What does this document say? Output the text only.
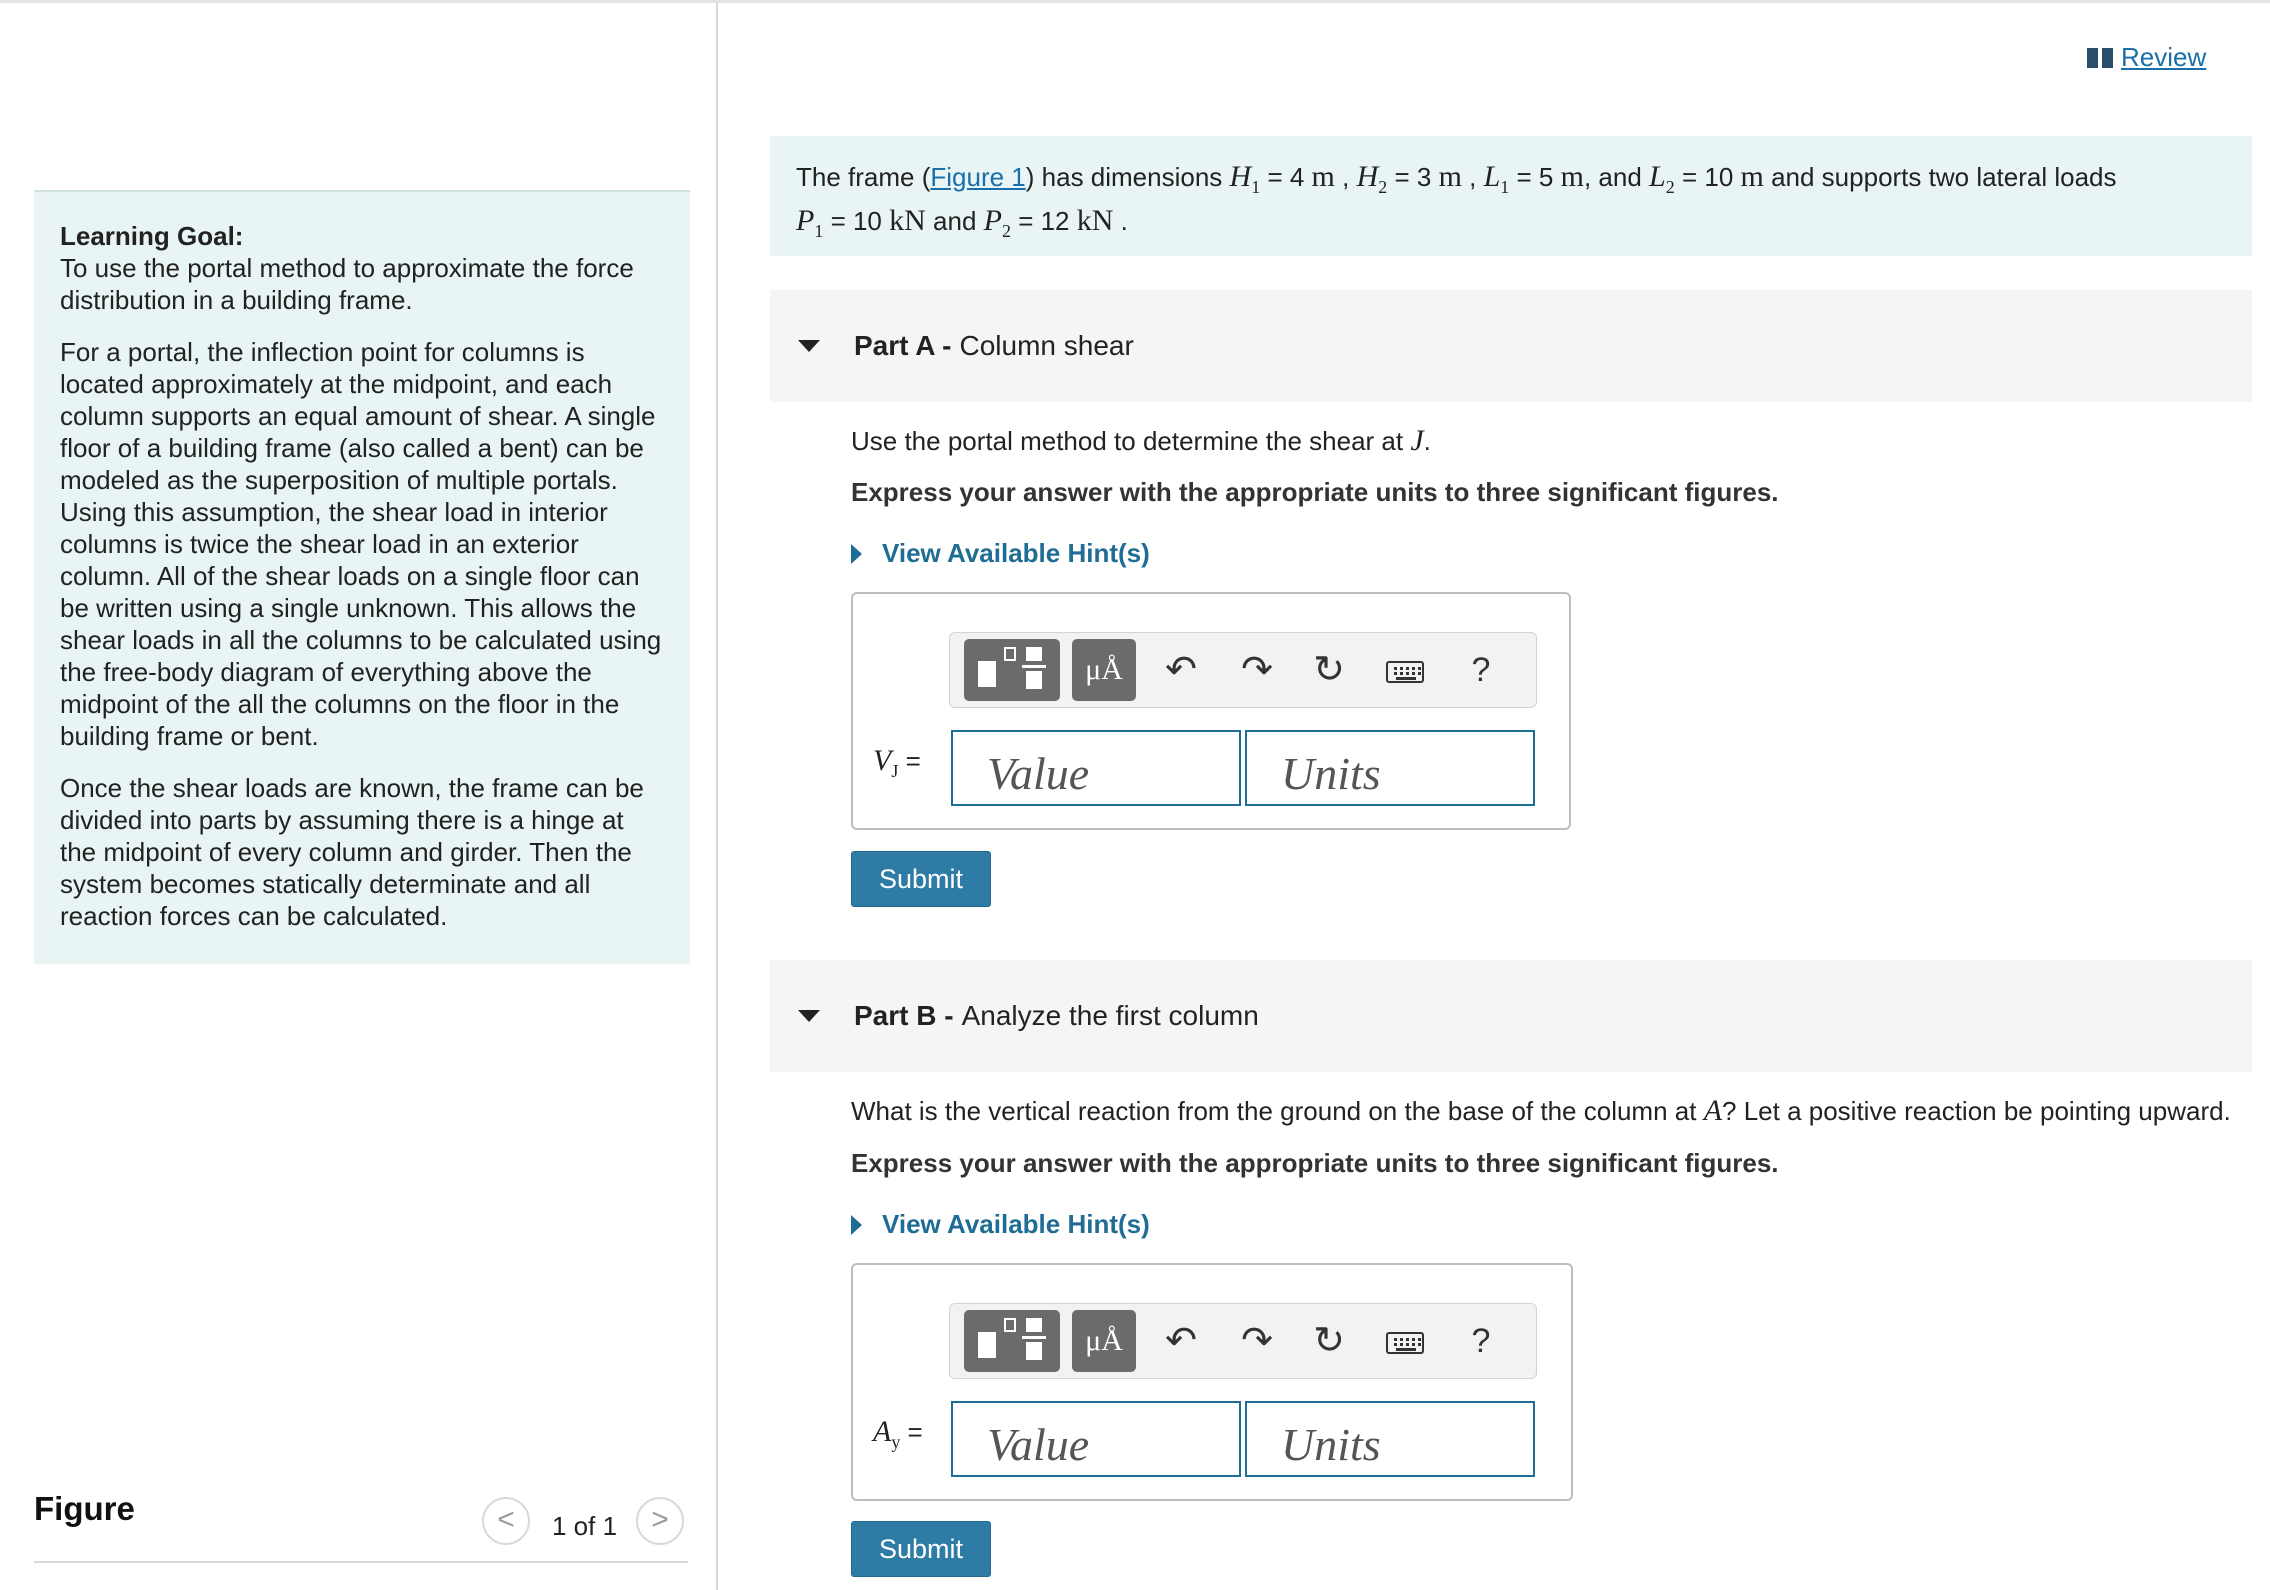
Learning Goal:
To use the portal method to approximate the force distribution in a building frame.

For a portal, the inflection point for columns is located approximately at the midpoint, and each column supports an equal amount of shear. A single floor of a building frame (also called a bent) can be modeled as the superposition of multiple portals. Using this assumption, the shear load in interior columns is twice the shear load in an exterior column. All of the shear loads on a single floor can be written using a single unknown. This allows the shear loads in all the columns to be calculated using the free-body diagram of everything above the midpoint of the all the columns on the floor in the building frame or bent.

Once the shear loads are known, the frame can be divided into parts by assuming there is a hinge at the midpoint of every column and girder. Then the system becomes statically determinate and all reaction forces can be calculated.

Figure	<	1 of 1	>
Review
The frame (Figure 1) has dimensions $H_1 = 4$ m , $H_2 = 3$ m , $L_1 = 5$ m, and $L_2 = 10$ m and supports two lateral loads
$P_1 = 10$ kN and $P_2 = 12$ kN .
Part A - Column shear
Use the portal method to determine the shear at J.
Express your answer with the appropriate units to three significant figures.
View Available Hint(s)
μÅ	↶ ↷ ↻	?
$V_J$ =
Value
Units
Submit
Part B - Analyze the first column
What is the vertical reaction from the ground on the base of the column at A? Let a positive reaction be pointing upward.
Express your answer with the appropriate units to three significant figures.
View Available Hint(s)
μÅ	↶ ↷ ↻	?
$A_y$ =
Value
Units
Submit
